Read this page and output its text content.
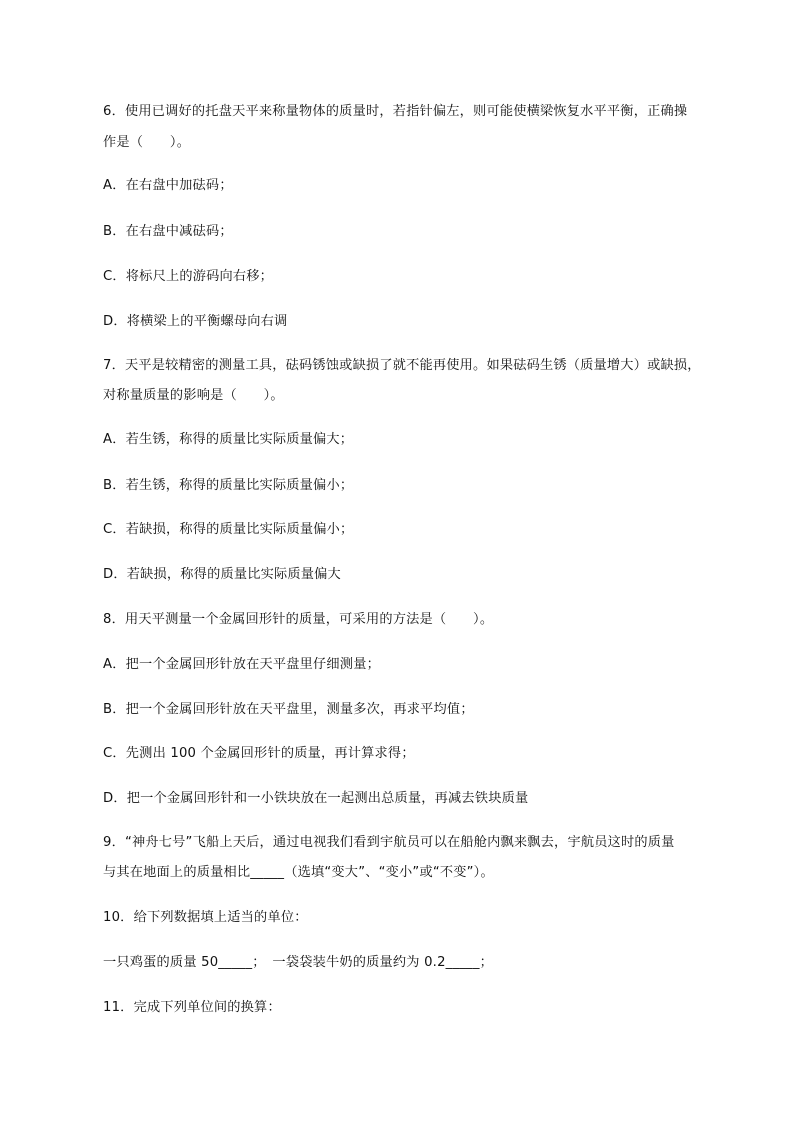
6．使用已调好的托盘天平来称量物体的质量时，若指针偏左，则可能使横梁恢复水平平衡，正确操
作是（　　）。
A．在右盘中加砝码；
B．在右盘中减砝码；
C．将标尺上的游码向右移；
D．将横梁上的平衡螺母向右调
7．天平是较精密的测量工具，砝码锈蚀或缺损了就不能再使用。如果砝码生锈（质量增大）或缺损，
对称量质量的影响是（　　）。
A．若生锈，称得的质量比实际质量偏大；
B．若生锈，称得的质量比实际质量偏小；
C．若缺损，称得的质量比实际质量偏小；
D．若缺损，称得的质量比实际质量偏大
8．用天平测量一个金属回形针的质量，可采用的方法是（　　）。
A．把一个金属回形针放在天平盘里仔细测量；
B．把一个金属回形针放在天平盘里，测量多次，再求平均值；
C．先测出 100 个金属回形针的质量，再计算求得；
D．把一个金属回形针和一小铁块放在一起测出总质量，再减去铁块质量
9．“神舟七号”飞船上天后，通过电视我们看到宇航员可以在船舱内飘来飘去，宇航员这时的质量
与其在地面上的质量相比_____（选填“变大”、“变小”或“不变”）。
10．给下列数据填上适当的单位：
一只鸡蛋的质量 50_____；　一袋袋装牛奶的质量约为 0.2_____；
11．完成下列单位间的换算：
